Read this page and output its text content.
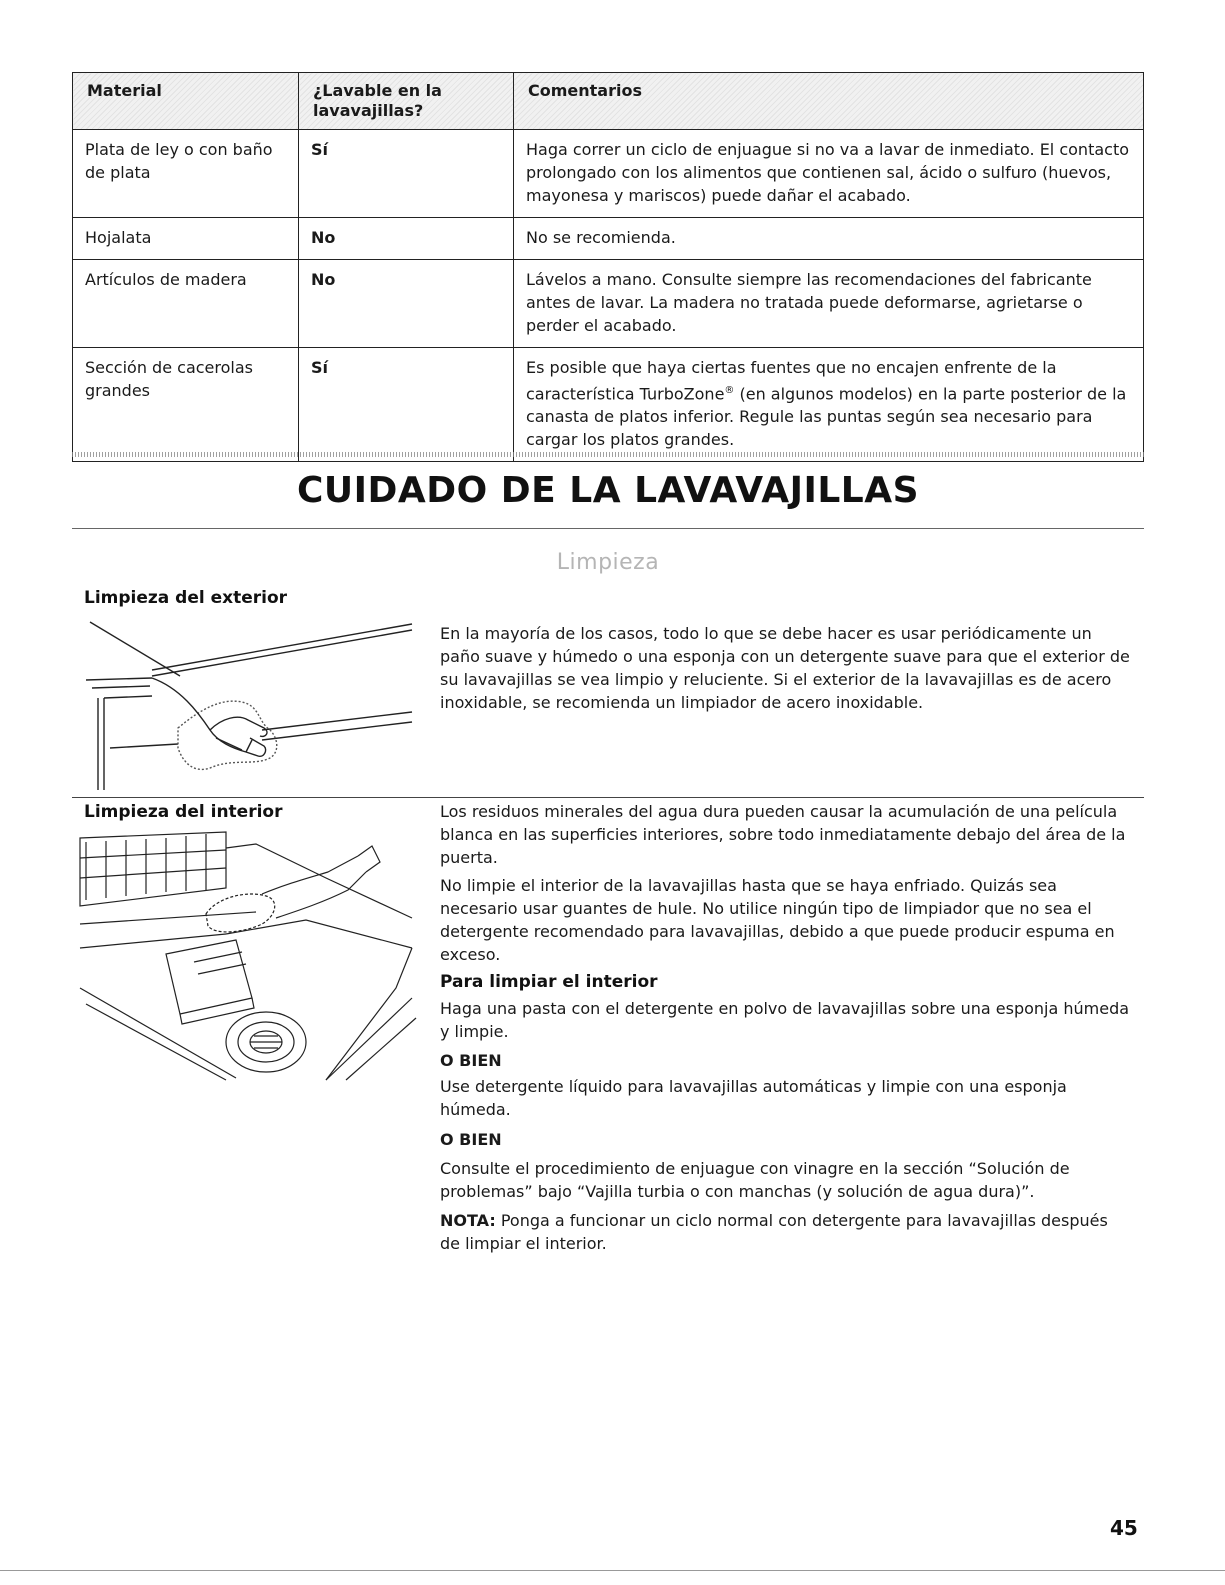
Material	¿Lavable en la lavavajillas?	Comentarios
Plata de ley o con baño de plata	Sí	Haga correr un ciclo de enjuague si no va a lavar de inmediato. El contacto prolongado con los alimentos que contienen sal, ácido o sulfuro (huevos, mayonesa y mariscos) puede dañar el acabado.
Hojalata	No	No se recomienda.
Artículos de madera	No	Lávelos a mano. Consulte siempre las recomendaciones del fabricante antes de lavar. La madera no tratada puede deformarse, agrietarse o perder el acabado.
Sección de cacerolas grandes	Sí	Es posible que haya ciertas fuentes que no encajen enfrente de la característica TurboZone® (en algunos modelos) en la parte posterior de la canasta de platos inferior. Regule las puntas según sea necesario para cargar los platos grandes.
CUIDADO DE LA LAVAVAJILLAS
Limpieza
Limpieza del exterior

En la mayoría de los casos, todo lo que se debe hacer es usar periódicamente un paño suave y húmedo o una esponja con un detergente suave para que el exterior de su lavavajillas se vea limpio y reluciente. Si el exterior de la lavavajillas es de acero inoxidable, se recomienda un limpiador de acero inoxidable.

Limpieza del interior	Los residuos minerales del agua dura pueden causar la acumulación de una película blanca en las superficies interiores, sobre todo inmediatamente debajo del área de la puerta.

No limpie el interior de la lavavajillas hasta que se haya enfriado. Quizás sea necesario usar guantes de hule. No utilice ningún tipo de limpiador que no sea el detergente recomendado para lavavajillas, debido a que puede producir espuma en exceso.

Para limpiar el interior

Haga una pasta con el detergente en polvo de lavavajillas sobre una esponja húmeda y limpie.

O BIEN

Use detergente líquido para lavavajillas automáticas y limpie con una esponja húmeda.

O BIEN

Consulte el procedimiento de enjuague con vinagre en la sección “Solución de problemas” bajo “Vajilla turbia o con manchas (y solución de agua dura)”.

NOTA: Ponga a funcionar un ciclo normal con detergente para lavavajillas después de limpiar el interior.

45
